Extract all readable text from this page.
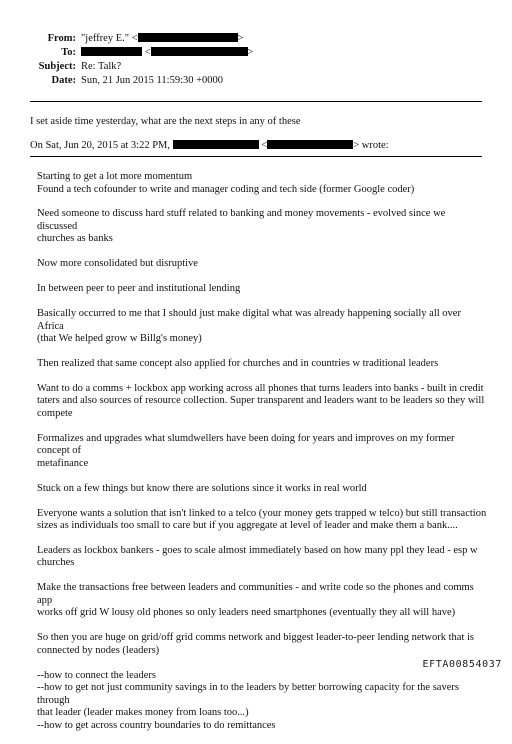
From: "jeffrey E." <	>
To:	<	>
Subject: Re: Talk?
Date: Sun, 21 Jun 2015 11:59:30 +0000
I set aside time yesterday, what are the next steps in any of these
On Sat, Jun 20, 2015 at 3:22 PM,	<	> wrote:
Starting to get a lot more momentum
Found a tech cofounder to write and manager coding and tech side (former Google coder)
Need someone to discuss hard stuff related to banking and money movements - evolved since we discussed
churches as banks
Now more consolidated but disruptive
In between peer to peer and institutional lending
Basically occurred to me that I should just make digital what was already happening socially all over Africa
(that We helped grow w Billg's money)
Then realized that same concept also applied for churches and in countries w traditional leaders
Want to do a comms + lockbox app working across all phones that turns leaders into banks - built in credit
taters and also sources of resource collection. Super transparent and leaders want to be leaders so they will
compete
Formalizes and upgrades what slumdwellers have been doing for years and improves on my former concept of
metafinance
Stuck on a few things but know there are solutions since it works in real world
Everyone wants a solution that isn't linked to a telco (your money gets trapped w telco) but still transaction
sizes as individuals too small to care but if you aggregate at level of leader and make them a bank....
Leaders as lockbox bankers - goes to scale almost immediately based on how many ppl they lead - esp w
churches
Make the transactions free between leaders and communities - and write code so the phones and comms app
works off grid W lousy old phones so only leaders need smartphones (eventually they all will have)
So then you are huge on grid/off grid comms network and biggest leader-to-peer lending network that is
connected by nodes (leaders)
--how to connect the leaders
--how to get not just community savings in to the leaders by better borrowing capacity for the savers through
that leader (leader makes money from loans too...)
--how to get across country boundaries to do remittances
EFTA00854037
